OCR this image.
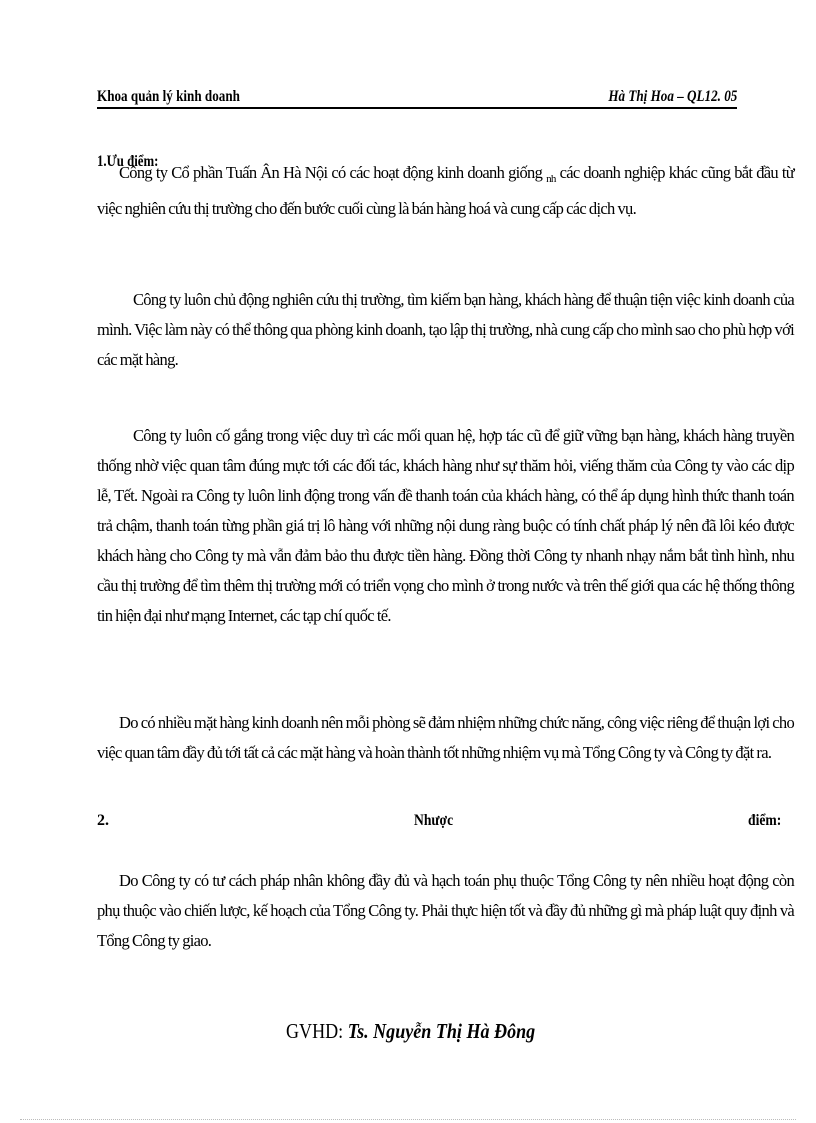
Khoa quản lý kinh doanh	Hà Thị Hoa – QL12. 05
1.Ưu điểm:
Công ty Cổ phần Tuấn Ân Hà Nội có các hoạt động kinh doanh giống $_{nh}$ các doanh nghiệp khác cũng bắt đầu từ việc nghiên cứu thị trường cho đến bước cuối cùng là bán hàng hoá và cung cấp các dịch vụ.
Công ty luôn chủ động nghiên cứu thị trường, tìm kiếm bạn hàng, khách hàng để thuận tiện việc kinh doanh của mình. Việc làm này có thể thông qua phòng kinh doanh, tạo lập thị trường, nhà cung cấp cho mình sao cho phù hợp với các mặt hàng.
Công ty luôn cố gắng trong việc duy trì các mối quan hệ, hợp tác cũ để giữ vững bạn hàng, khách hàng truyền thống nhờ việc quan tâm đúng mực tới các đối tác, khách hàng như sự thăm hỏi, viếng thăm của Công ty vào các dịp lễ, Tết. Ngoài ra Công ty luôn linh động trong vấn đề thanh toán của khách hàng, có thể áp dụng hình thức thanh toán trả chậm, thanh toán từng phần giá trị lô hàng với những nội dung ràng buộc có tính chất pháp lý nên đã lôi kéo được khách hàng cho Công ty mà vẫn đảm bảo thu được tiền hàng. Đồng thời Công ty nhanh nhạy nắm bắt tình hình, nhu cầu thị trường để tìm thêm thị trường mới có triển vọng cho mình ở trong nước và trên thế giới qua các hệ thống thông tin hiện đại như mạng Internet, các tạp chí quốc tế.
Do có nhiều mặt hàng kinh doanh nên mỗi phòng sẽ đảm nhiệm những chức năng, công việc riêng để thuận lợi cho việc quan tâm đầy đủ tới tất cả các mặt hàng và hoàn thành tốt những nhiệm vụ mà Tổng Công ty và Công ty đặt ra.
2.	Nhược	điểm:
Do Công ty có tư cách pháp nhân không đầy đủ và hạch toán phụ thuộc Tổng Công ty nên nhiều hoạt động còn phụ thuộc vào chiến lược, kế hoạch của Tổng Công ty. Phải thực hiện tốt và đầy đủ những gì mà pháp luật quy định và Tổng Công ty giao.
GVHD: Ts. Nguyễn Thị Hà Đông
